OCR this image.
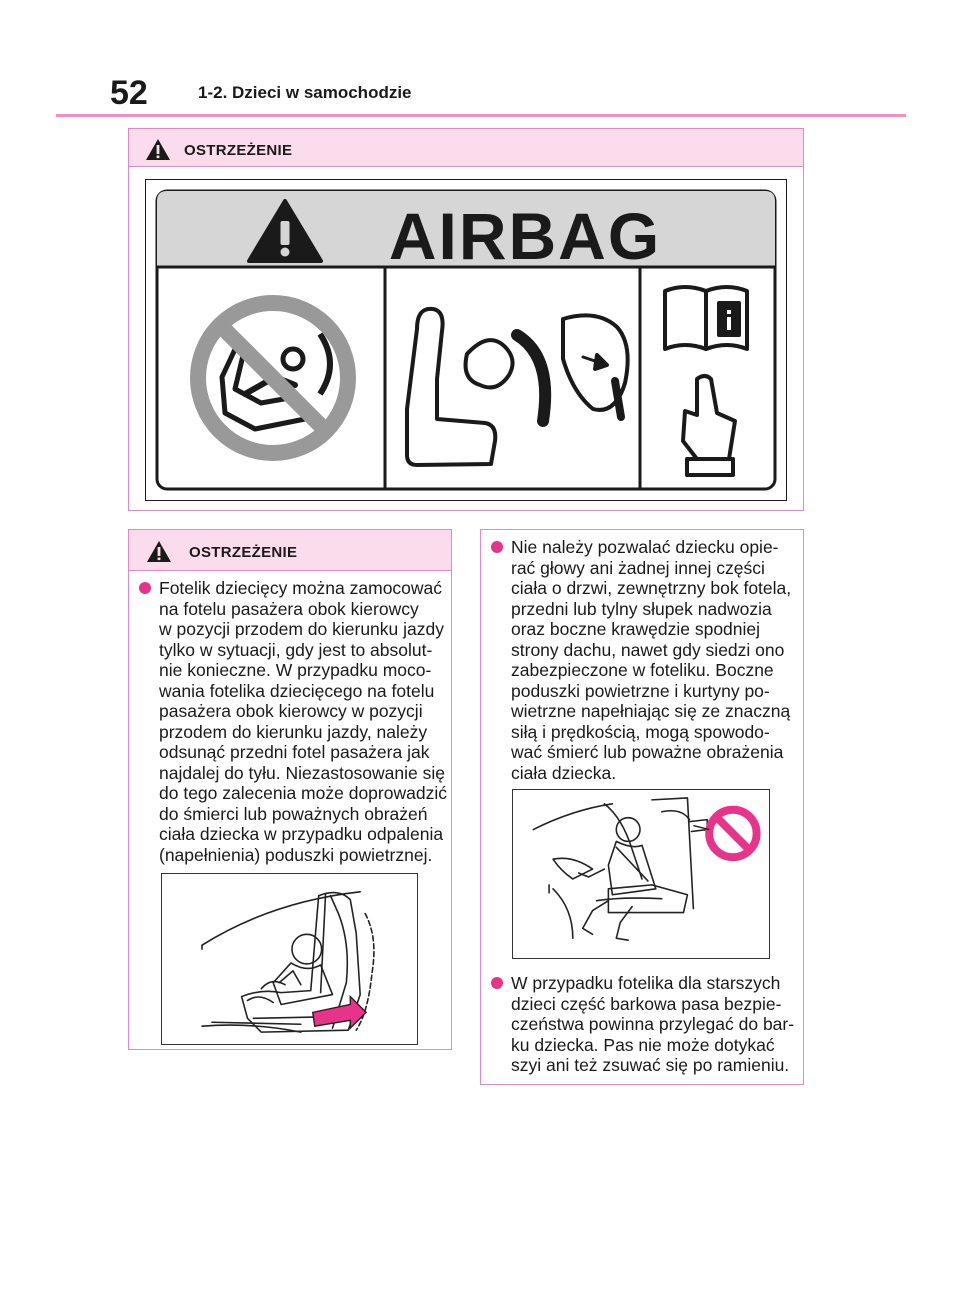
52	1-2. Dzieci w samochodzie
OSTRZEŻENIE
AIRBAG
OSTRZEŻENIE
Fotelik dziecięcy można zamocować
na fotelu pasażera obok kierowcy
w pozycji przodem do kierunku jazdy
tylko w sytuacji, gdy jest to absolut-
nie konieczne. W przypadku moco-
wania fotelika dziecięcego na fotelu
pasażera obok kierowcy w pozycji
przodem do kierunku jazdy, należy
odsunąć przedni fotel pasażera jak
najdalej do tyłu. Niezastosowanie się
do tego zalecenia może doprowadzić
do śmierci lub poważnych obrażeń
ciała dziecka w przypadku odpalenia
(napełnienia) poduszki powietrznej.
Nie należy pozwalać dziecku opie-
rać głowy ani żadnej innej części
ciała o drzwi, zewnętrzny bok fotela,
przedni lub tylny słupek nadwozia
oraz boczne krawędzie spodniej
strony dachu, nawet gdy siedzi ono
zabezpieczone w foteliku. Boczne
poduszki powietrzne i kurtyny po-
wietrzne napełniając się ze znaczną
siłą i prędkością, mogą spowodo-
wać śmierć lub poważne obrażenia
ciała dziecka.
W przypadku fotelika dla starszych
dzieci część barkowa pasa bezpie-
czeństwa powinna przylegać do bar-
ku dziecka. Pas nie może dotykać
szyi ani też zsuwać się po ramieniu.
